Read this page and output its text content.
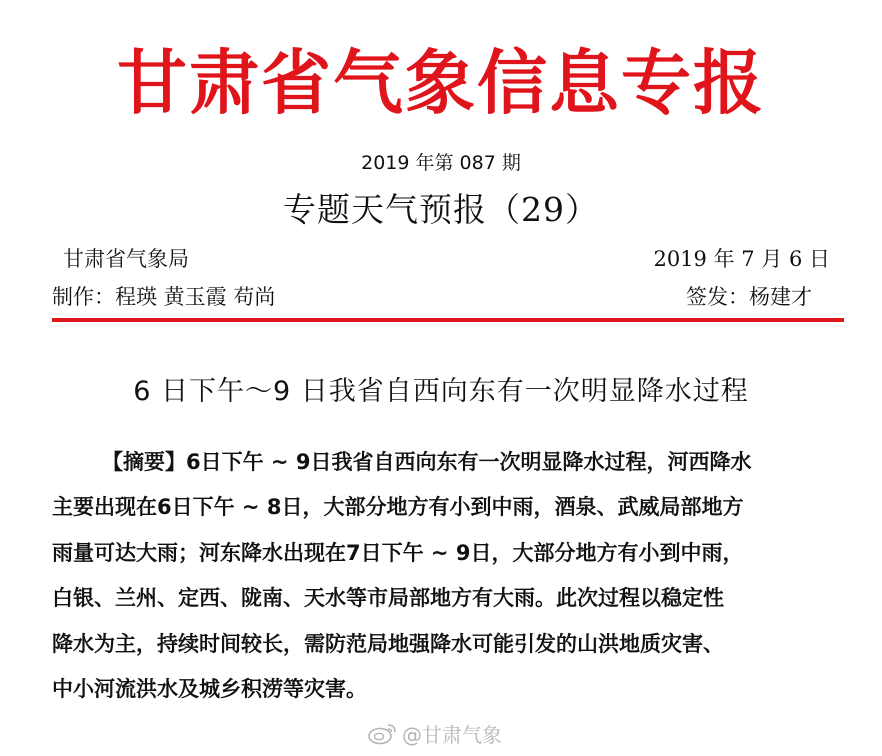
甘肃省气象信息专报
2019 年第 087 期
专题天气预报（29）
甘肃省气象局	2019 年 7 月 6 日
制作：程瑛 黄玉霞 苟尚	签发：杨建才
6 日下午～9 日我省自西向东有一次明显降水过程
【摘要】6日下午 ~ 9日我省自西向东有一次明显降水过程，河西降水
主要出现在6日下午 ~ 8日，大部分地方有小到中雨，酒泉、武威局部地方
雨量可达大雨；河东降水出现在7日下午 ~ 9日，大部分地方有小到中雨，
白银、兰州、定西、陇南、天水等市局部地方有大雨。此次过程以稳定性
降水为主，持续时间较长，需防范局地强降水可能引发的山洪地质灾害、
中小河流洪水及城乡积涝等灾害。
@甘肃气象
